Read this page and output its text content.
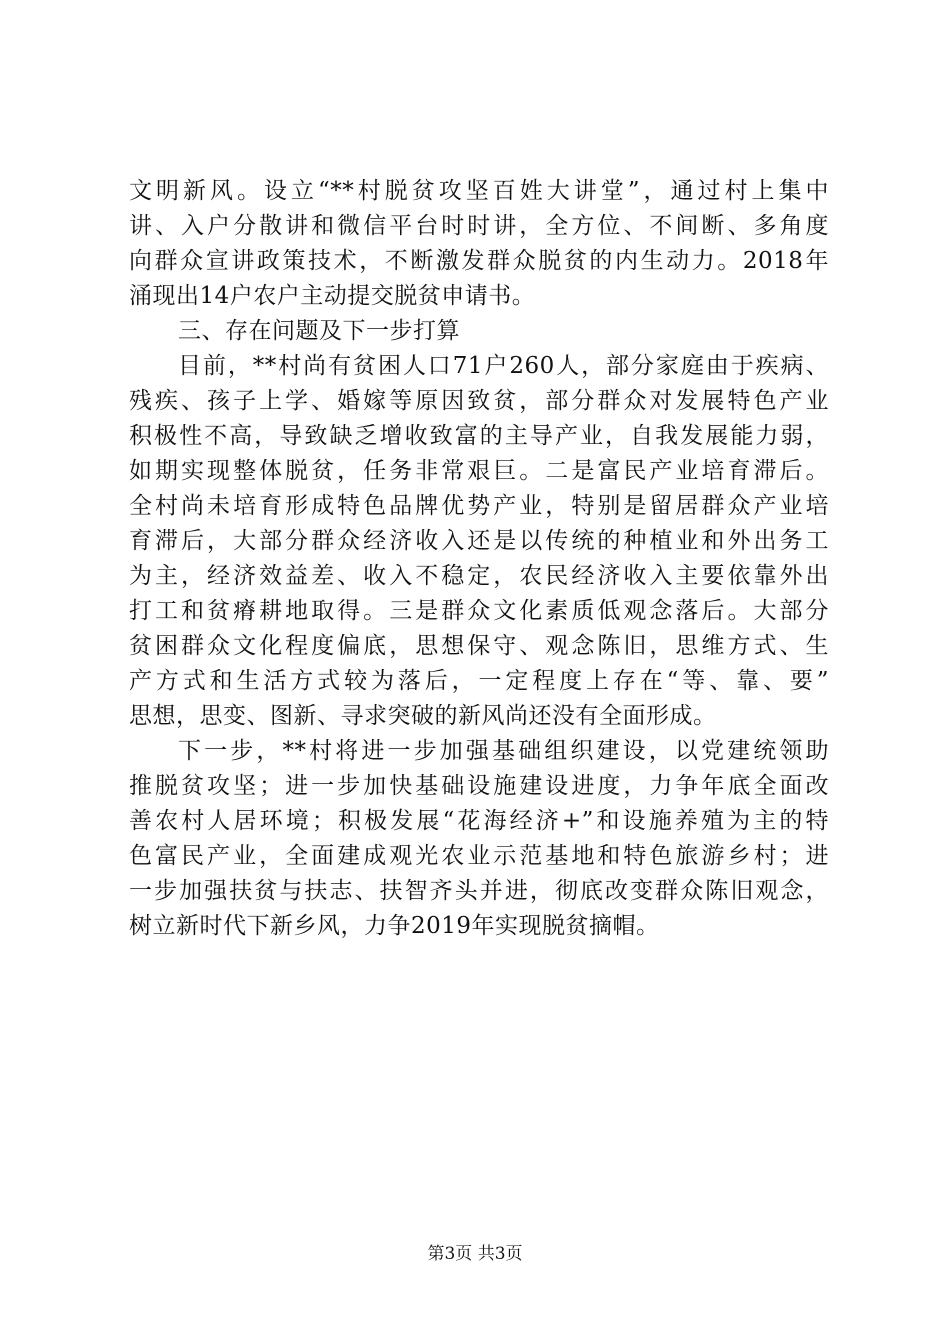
文明新风。设立“**村脱贫攻坚百姓大讲堂”，通过村上集中
讲、入户分散讲和微信平台时时讲，全方位、不间断、多角度
向群众宣讲政策技术，不断激发群众脱贫的内生动力。2018年
涌现出14户农户主动提交脱贫申请书。
三、存在问题及下一步打算
目前，**村尚有贫困人口71户260人，部分家庭由于疾病、
残疾、孩子上学、婚嫁等原因致贫，部分群众对发展特色产业
积极性不高，导致缺乏增收致富的主导产业，自我发展能力弱，
如期实现整体脱贫，任务非常艰巨。二是富民产业培育滞后。
全村尚未培育形成特色品牌优势产业，特别是留居群众产业培
育滞后，大部分群众经济收入还是以传统的种植业和外出务工
为主，经济效益差、收入不稳定，农民经济收入主要依靠外出
打工和贫瘠耕地取得。三是群众文化素质低观念落后。大部分
贫困群众文化程度偏底，思想保守、观念陈旧，思维方式、生
产方式和生活方式较为落后，一定程度上存在“等、靠、要”
思想，思变、图新、寻求突破的新风尚还没有全面形成。
下一步，**村将进一步加强基础组织建设，以党建统领助
推脱贫攻坚；进一步加快基础设施建设进度，力争年底全面改
善农村人居环境；积极发展“花海经济+”和设施养殖为主的特
色富民产业，全面建成观光农业示范基地和特色旅游乡村；进
一步加强扶贫与扶志、扶智齐头并进，彻底改变群众陈旧观念，
树立新时代下新乡风，力争2019年实现脱贫摘帽。
第3页 共3页
